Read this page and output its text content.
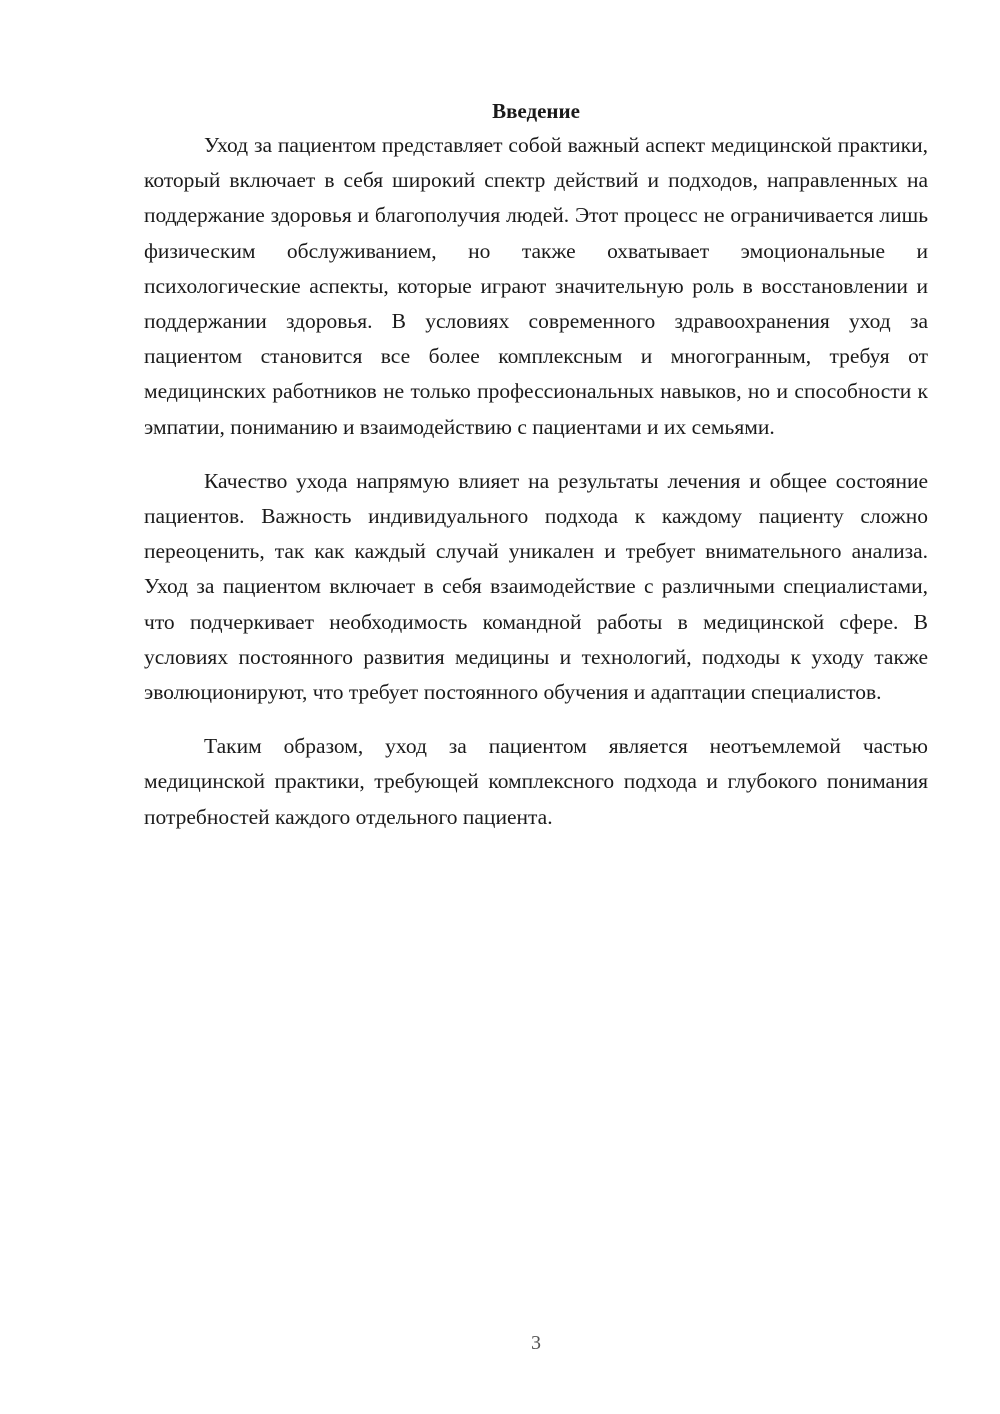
Введение

Уход за пациентом представляет собой важный аспект медицинской практики, который включает в себя широкий спектр действий и подходов, направленных на поддержание здоровья и благополучия людей. Этот процесс не ограничивается лишь физическим обслуживанием, но также охватывает эмоциональные и психологические аспекты, которые играют значительную роль в восстановлении и поддержании здоровья. В условиях современного здравоохранения уход за пациентом становится все более комплексным и многогранным, требуя от медицинских работников не только профессиональных навыков, но и способности к эмпатии, пониманию и взаимодействию с пациентами и их семьями.

Качество ухода напрямую влияет на результаты лечения и общее состояние пациентов. Важность индивидуального подхода к каждому пациенту сложно переоценить, так как каждый случай уникален и требует внимательного анализа. Уход за пациентом включает в себя взаимодействие с различными специалистами, что подчеркивает необходимость командной работы в медицинской сфере. В условиях постоянного развития медицины и технологий, подходы к уходу также эволюционируют, что требует постоянного обучения и адаптации специалистов.

Таким образом, уход за пациентом является неотъемлемой частью медицинской практики, требующей комплексного подхода и глубокого понимания потребностей каждого отдельного пациента.

3
